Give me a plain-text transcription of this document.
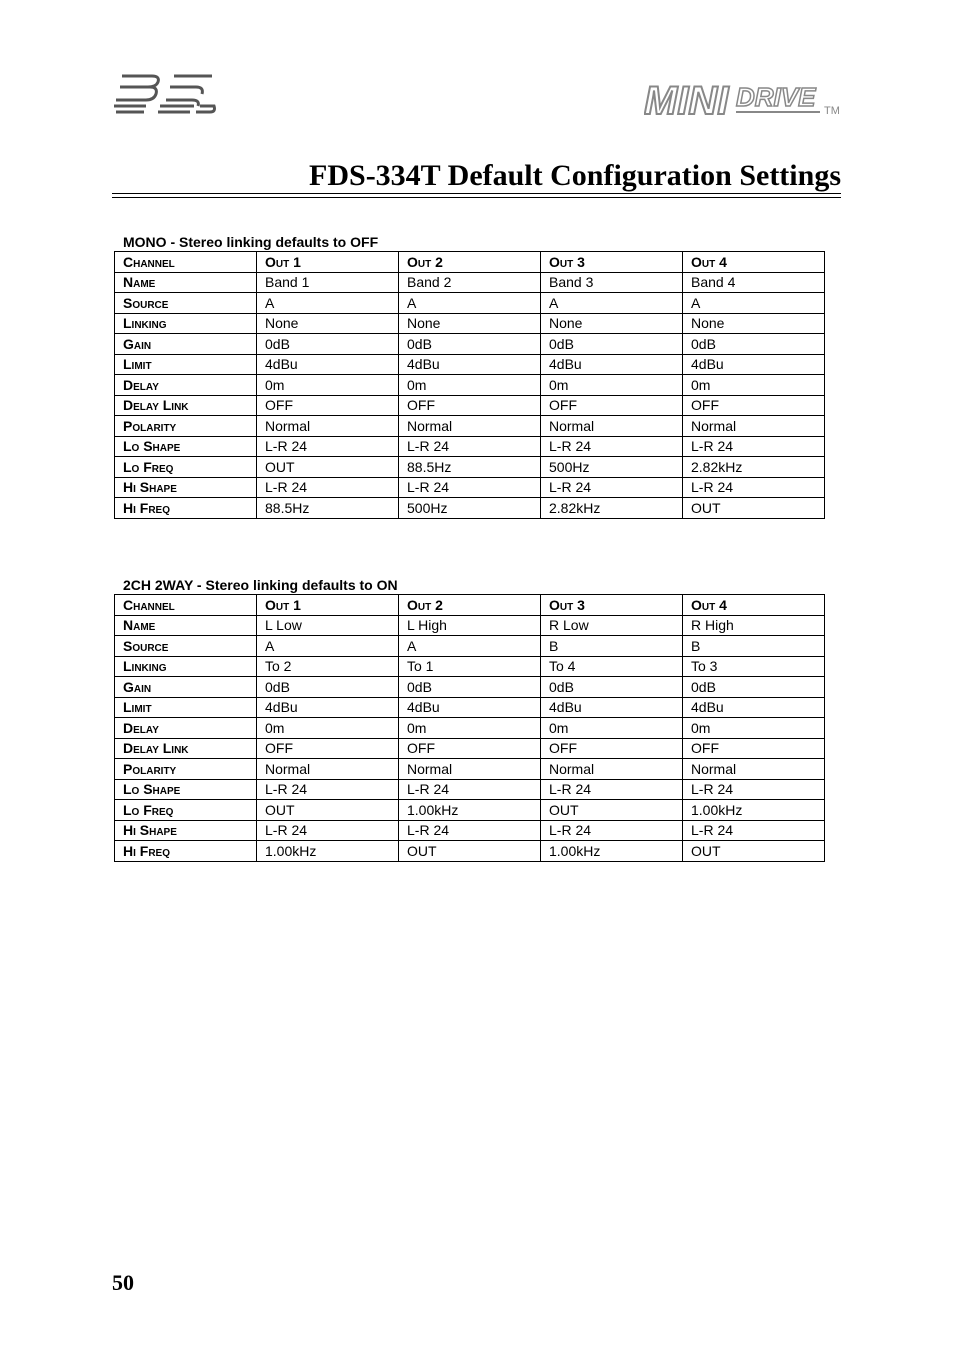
MINI DRIVE TM
FDS-334T Default Configuration Settings
MONO - Stereo linking defaults to OFF
Channel	Out 1	Out 2	Out 3	Out 4
Name	Band 1	Band 2	Band 3	Band 4
Source	A	A	A	A
Linking	None	None	None	None
Gain	0dB	0dB	0dB	0dB
Limit	4dBu	4dBu	4dBu	4dBu
Delay	0m	0m	0m	0m
Delay Link	OFF	OFF	OFF	OFF
Polarity	Normal	Normal	Normal	Normal
Lo Shape	L-R 24	L-R 24	L-R 24	L-R 24
Lo Freq	OUT	88.5Hz	500Hz	2.82kHz
Hi Shape	L-R 24	L-R 24	L-R 24	L-R 24
Hi Freq	88.5Hz	500Hz	2.82kHz	OUT
2CH 2WAY - Stereo linking defaults to ON
Channel	Out 1	Out 2	Out 3	Out 4
Name	L Low	L High	R Low	R High
Source	A	A	B	B
Linking	To 2	To 1	To 4	To 3
Gain	0dB	0dB	0dB	0dB
Limit	4dBu	4dBu	4dBu	4dBu
Delay	0m	0m	0m	0m
Delay Link	OFF	OFF	OFF	OFF
Polarity	Normal	Normal	Normal	Normal
Lo Shape	L-R 24	L-R 24	L-R 24	L-R 24
Lo Freq	OUT	1.00kHz	OUT	1.00kHz
Hi Shape	L-R 24	L-R 24	L-R 24	L-R 24
Hi Freq	1.00kHz	OUT	1.00kHz	OUT
50
